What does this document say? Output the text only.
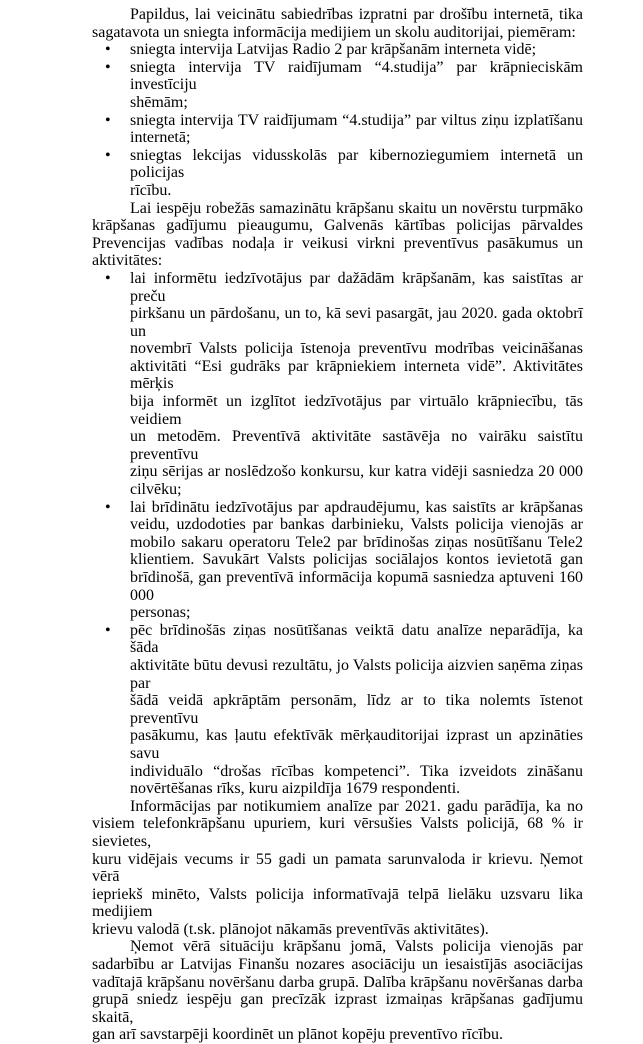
Papildus, lai veicinātu sabiedrības izpratni par drošību internetā, tika
sagatavota un sniegta informācija medijiem un skolu auditorijai, piemēram:
• sniegta intervija Latvijas Radio 2 par krāpšanām interneta vidē;
• sniegta intervija TV raidījumam “4.studija” par krāpnieciskām investīciju
shēmām;
• sniegta intervija TV raidījumam “4.studija” par viltus ziņu izplatīšanu
internetā;
• sniegtas lekcijas vidusskolās par kibernoziegumiem internetā un policijas
rīcību.
Lai iespēju robežās samazinātu krāpšanu skaitu un novērstu turpmāko
krāpšanas gadījumu pieaugumu, Galvenās kārtības policijas pārvaldes
Prevencijas vadības nodaļa ir veikusi virkni preventīvus pasākumus un
aktivitātes:
• lai informētu iedzīvotājus par dažādām krāpšanām, kas saistītas ar preču
pirkšanu un pārdošanu, un to, kā sevi pasargāt, jau 2020. gada oktobrī un
novembrī Valsts policija īstenoja preventīvu modrības veicināšanas
aktivitāti “Esi gudrāks par krāpniekiem interneta vidē”. Aktivitātes mērķis
bija informēt un izglītot iedzīvotājus par virtuālo krāpniecību, tās veidiem
un metodēm. Preventīvā aktivitāte sastāvēja no vairāku saistītu preventīvu
ziņu sērijas ar noslēdzošo konkursu, kur katra vidēji sasniedza 20 000
cilvēku;
• lai brīdinātu iedzīvotājus par apdraudējumu, kas saistīts ar krāpšanas
veidu, uzdodoties par bankas darbinieku, Valsts policija vienojās ar
mobilo sakaru operatoru Tele2 par brīdinošas ziņas nosūtīšanu Tele2
klientiem. Savukārt Valsts policijas sociālajos kontos ievietotā gan
brīdinošā, gan preventīvā informācija kopumā sasniedza aptuveni 160 000
personas;
• pēc brīdinošās ziņas nosūtīšanas veiktā datu analīze neparādīja, ka šāda
aktivitāte būtu devusi rezultātu, jo Valsts policija aizvien saņēma ziņas par
šādā veidā apkrāptām personām, līdz ar to tika nolemts īstenot preventīvu
pasākumu, kas ļautu efektīvāk mērķauditorijai izprast un apzināties savu
individuālo “drošas rīcības kompetenci”. Tika izveidots zināšanu
novērtēšanas rīks, kuru aizpildīja 1679 respondenti.
Informācijas par notikumiem analīze par 2021. gadu parādīja, ka no
visiem telefonkrāpšanu upuriem, kuri vērsušies Valsts policijā, 68 % ir sievietes,
kuru vidējais vecums ir 55 gadi un pamata sarunvaloda ir krievu. Ņemot vērā
iepriekš minēto, Valsts policija informatīvajā telpā lielāku uzsvaru lika medijiem
krievu valodā (t.sk. plānojot nākamās preventīvās aktivitātes).
Ņemot vērā situāciju krāpšanu jomā, Valsts policija vienojās par
sadarbību ar Latvijas Finanšu nozares asociāciju un iesaistījās asociācijas
vadītajā krāpšanu novēršanu darba grupā. Dalība krāpšanu novēršanas darba
grupā sniedz iespēju gan precīzāk izprast izmaiņas krāpšanas gadījumu skaitā,
gan arī savstarpēji koordinēt un plānot kopēju preventīvo rīcību.
